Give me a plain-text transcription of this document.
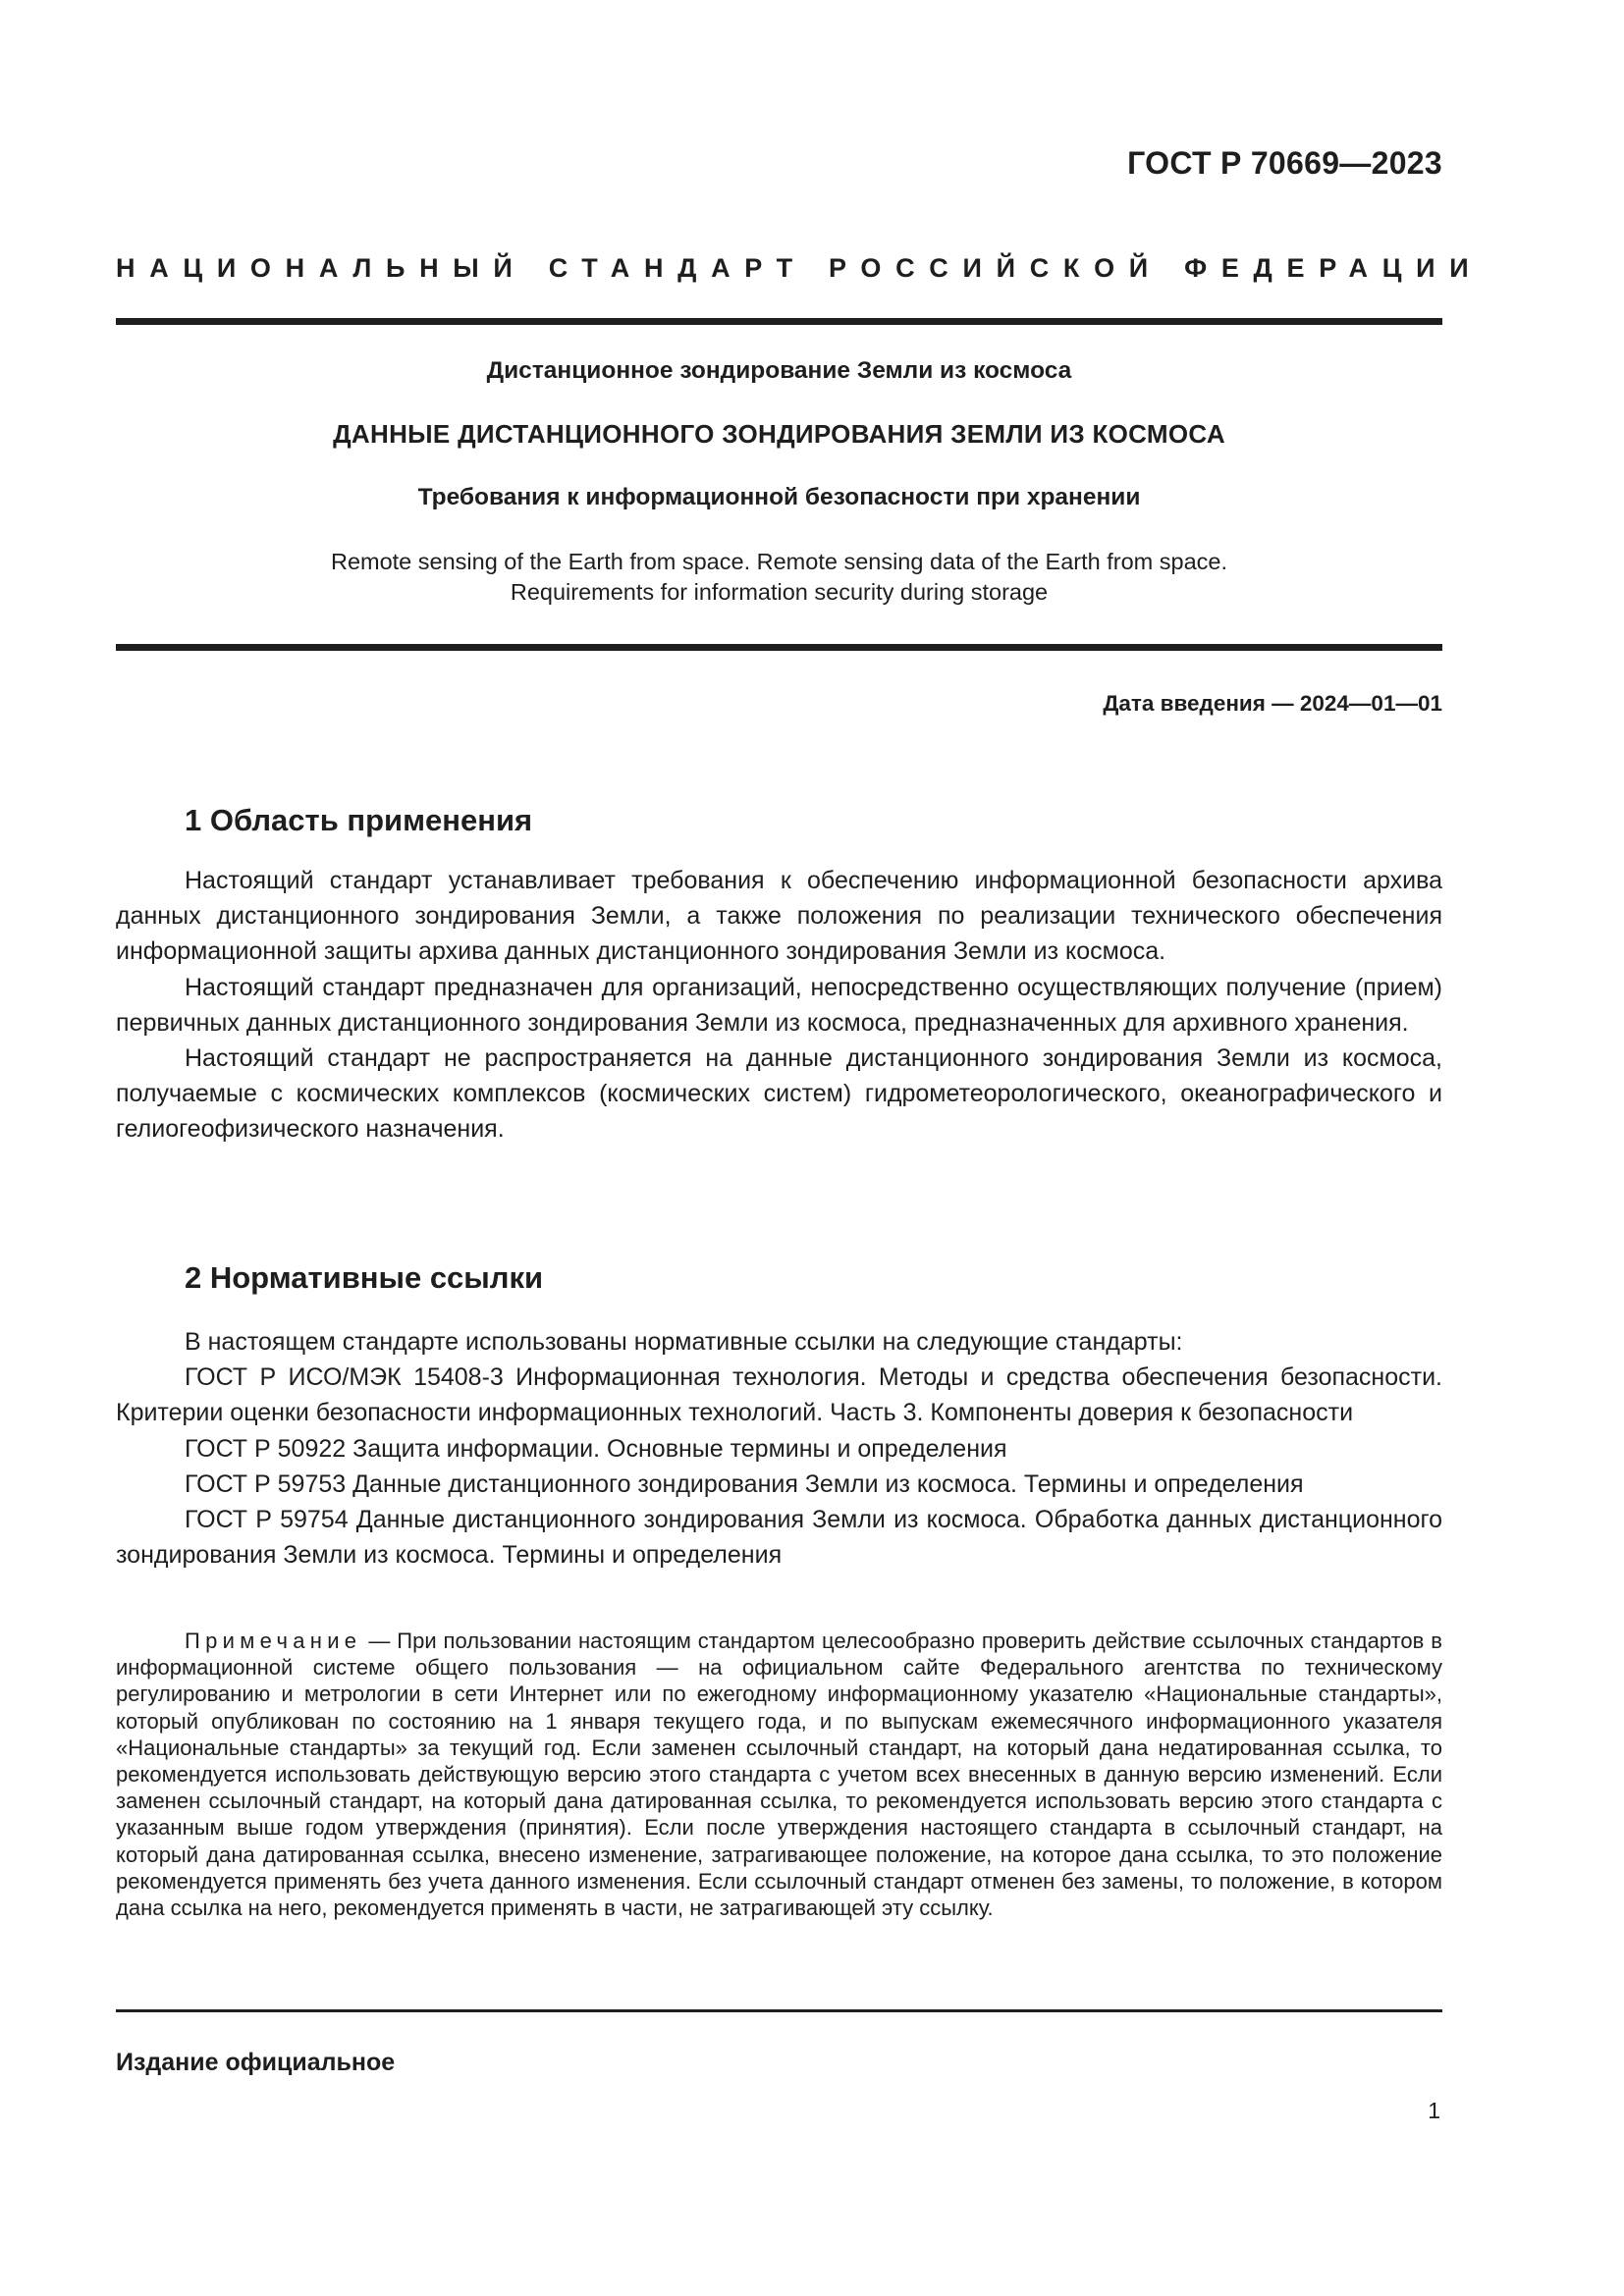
ГОСТ Р 70669—2023
НАЦИОНАЛЬНЫЙ СТАНДАРТ РОССИЙСКОЙ ФЕДЕРАЦИИ
Дистанционное зондирование Земли из космоса
ДАННЫЕ ДИСТАНЦИОННОГО ЗОНДИРОВАНИЯ ЗЕМЛИ ИЗ КОСМОСА
Требования к информационной безопасности при хранении
Remote sensing of the Earth from space. Remote sensing data of the Earth from space.
Requirements for information security during storage
Дата введения — 2024—01—01
1 Область применения

Настоящий стандарт устанавливает требования к обеспечению информационной безопасности архива данных дистанционного зондирования Земли, а также положения по реализации технического обеспечения информационной защиты архива данных дистанционного зондирования Земли из космоса.

Настоящий стандарт предназначен для организаций, непосредственно осуществляющих получение (прием) первичных данных дистанционного зондирования Земли из космоса, предназначенных для архивного хранения.

Настоящий стандарт не распространяется на данные дистанционного зондирования Земли из космоса, получаемые с космических комплексов (космических систем) гидрометеорологического, океанографического и гелиогеофизического назначения.

2 Нормативные ссылки

В настоящем стандарте использованы нормативные ссылки на следующие стандарты:

ГОСТ Р ИСО/МЭК 15408-3 Информационная технология. Методы и средства обеспечения безопасности. Критерии оценки безопасности информационных технологий. Часть 3. Компоненты доверия к безопасности

ГОСТ Р 50922 Защита информации. Основные термины и определения

ГОСТ Р 59753 Данные дистанционного зондирования Земли из космоса. Термины и определения

ГОСТ Р 59754 Данные дистанционного зондирования Земли из космоса. Обработка данных дистанционного зондирования Земли из космоса. Термины и определения

Примечание — При пользовании настоящим стандартом целесообразно проверить действие ссылочных стандартов в информационной системе общего пользования — на официальном сайте Федерального агентства по техническому регулированию и метрологии в сети Интернет или по ежегодному информационному указателю «Национальные стандарты», который опубликован по состоянию на 1 января текущего года, и по выпускам ежемесячного информационного указателя «Национальные стандарты» за текущий год. Если заменен ссылочный стандарт, на который дана недатированная ссылка, то рекомендуется использовать действующую версию этого стандарта с учетом всех внесенных в данную версию изменений. Если заменен ссылочный стандарт, на который дана датированная ссылка, то рекомендуется использовать версию этого стандарта с указанным выше годом утверждения (принятия). Если после утверждения настоящего стандарта в ссылочный стандарт, на который дана датированная ссылка, внесено изменение, затрагивающее положение, на которое дана ссылка, то это положение рекомендуется применять без учета данного изменения. Если ссылочный стандарт отменен без замены, то положение, в котором дана ссылка на него, рекомендуется применять в части, не затрагивающей эту ссылку.

Издание официальное
1
